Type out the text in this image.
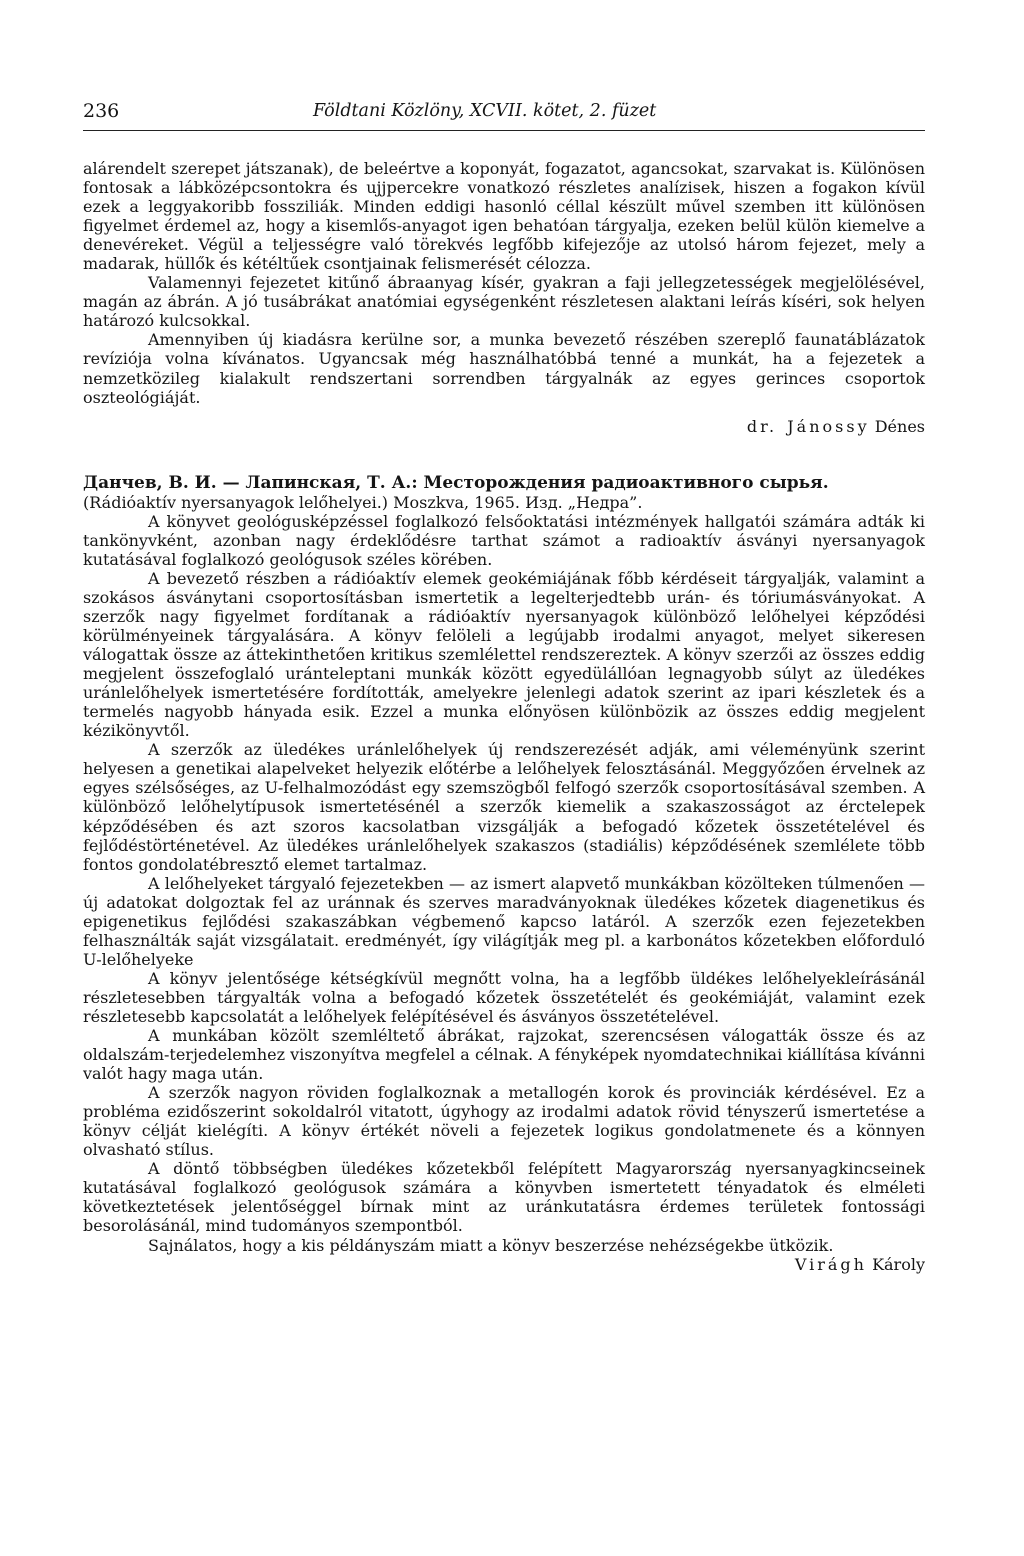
236	Földtani Közlöny, XCVII. kötet, 2. füzet

alárendelt szerepet játszanak), de beleértve a koponyát, fogazatot, agancsokat, szarvakat is. Különösen fontosak a lábközépcsontokra és ujjpercekre vonatkozó részletes analízisek, hiszen a fogakon kívül ezek a leggyakoribb fossziliák. Minden eddigi hasonló céllal készült művel szemben itt különösen figyelmet érdemel az, hogy a kisemlős-anyagot igen behatóan tárgyalja, ezeken belül külön kiemelve a denevéreket. Végül a teljességre való törekvés legfőbb kifejezője az utolsó három fejezet, mely a madarak, hüllők és kétéltűek csontjainak felismerését célozza.

Valamennyi fejezetet kitűnő ábraanyag kísér, gyakran a faji jellegzetességek megjelölésével, magán az ábrán. A jó tusábrákat anatómiai egységenként részletesen alaktani leírás kíséri, sok helyen határozó kulcsokkal.

Amennyiben új kiadásra kerülne sor, a munka bevezető részében szereplő faunatáblázatok revíziója volna kívánatos. Ugyancsak még használhatóbbá tenné a munkát, ha a fejezetek a nemzetközileg kialakult rendszertani sorrendben tárgyalnák az egyes gerinces csoportok oszteológiáját.

dr.
Jánossy
Dénes

Данчев, В. И. — Лапинская, Т. А.: Месторождения радиоактивного сырья.

(Rádióaktív nyersanyagok lelőhelyei.) Moszkva, 1965. Изд. „Недра”.

A könyvet geológusképzéssel foglalkozó felsőoktatási intézmények hallgatói számára adták ki tankönyvként, azonban nagy érdeklődésre tarthat számot a radioaktív ásványi nyersanyagok kutatásával foglalkozó geológusok széles körében.

A bevezető részben a rádióaktív elemek geokémiájának főbb kérdéseit tárgyalják, valamint a szokásos ásványtani csoportosításban ismertetik a legelterjedtebb urán- és tóriumásványokat. A szerzők nagy figyelmet fordítanak a rádióaktív nyersanyagok különböző lelőhelyei képződési körülményeinek tárgyalására. A könyv felöleli a legújabb irodalmi anyagot, melyet sikeresen válogattak össze az áttekinthetően kritikus szemlélettel rendszereztek. A könyv szerzői az összes eddig megjelent összefoglaló uránteleptani munkák között egyedülállóan legnagyobb súlyt az üledékes uránlelőhelyek ismertetésére fordították, amelyekre jelenlegi adatok szerint az ipari készletek és a termelés nagyobb hányada esik. Ezzel a munka előnyösen különbözik az összes eddig megjelent kézikönyvtől.

A szerzők az üledékes uránlelőhelyek új rendszerezését adják, ami véleményünk szerint helyesen a genetikai alapelveket helyezik előtérbe a lelőhelyek felosztásánál. Meggyőzően érvelnek az egyes szélsőséges, az U-felhalmozódást egy szemszögből felfogó szerzők csoportosításával szemben. A különböző lelőhelytípusok ismertetésénél a szerzők kiemelik a szakaszosságot az érctelepek képződésében és azt szoros kacsolatban vizsgálják a befogadó kőzetek összetételével és fejlődéstörténetével. Az üledékes uránlelőhelyek szakaszos (stadiális) képződésének szemlélete több fontos gondolatébresztő elemet tartalmaz.

A lelőhelyeket tárgyaló fejezetekben — az ismert alapvető munkákban közölteken túlmenően — új adatokat dolgoztak fel az uránnak és szerves maradványoknak üledékes kőzetek diagenetikus és epigenetikus fejlődési szakaszábkan végbemenő kapcso latáról. A szerzők ezen fejezetekben felhasználták saját vizsgálatait. eredményét, így világítják meg pl. a karbonátos kőzetekben előforduló U-lelőhelyeke

A könyv jelentősége kétségkívül megnőtt volna, ha a legfőbb üldékes lelőhelyekleírásánál részletesebben tárgyalták volna a befogadó kőzetek összetételét és geokémiáját, valamint ezek részletesebb kapcsolatát a lelőhelyek felépítésével és ásványos összetételével.

A munkában közölt szemléltető ábrákat, rajzokat, szerencsésen válogatták össze és az oldalszám-terjedelemhez viszonyítva megfelel a célnak. A fényképek nyomdatechnikai kiállítása kívánni valót hagy maga után.

A szerzők nagyon röviden foglalkoznak a metallogén korok és provinciák kérdésével. Ez a probléma ezidőszerint sokoldalról vitatott, úgyhogy az irodalmi adatok rövid tényszerű ismertetése a könyv célját kielégíti. A könyv értékét növeli a fejezetek logikus gondolatmenete és a könnyen olvasható stílus.

A döntő többségben üledékes kőzetekből felépített Magyarország nyersanyagkincseinek kutatásával foglalkozó geológusok számára a könyvben ismertetett tényadatok és elméleti következtetések jelentőséggel bírnak mint az uránkutatásra érdemes területek fontossági besorolásánál, mind tudományos szempontból.

Sajnálatos, hogy a kis példányszám miatt a könyv beszerzése nehézségekbe ütközik.

Virágh
Károly
